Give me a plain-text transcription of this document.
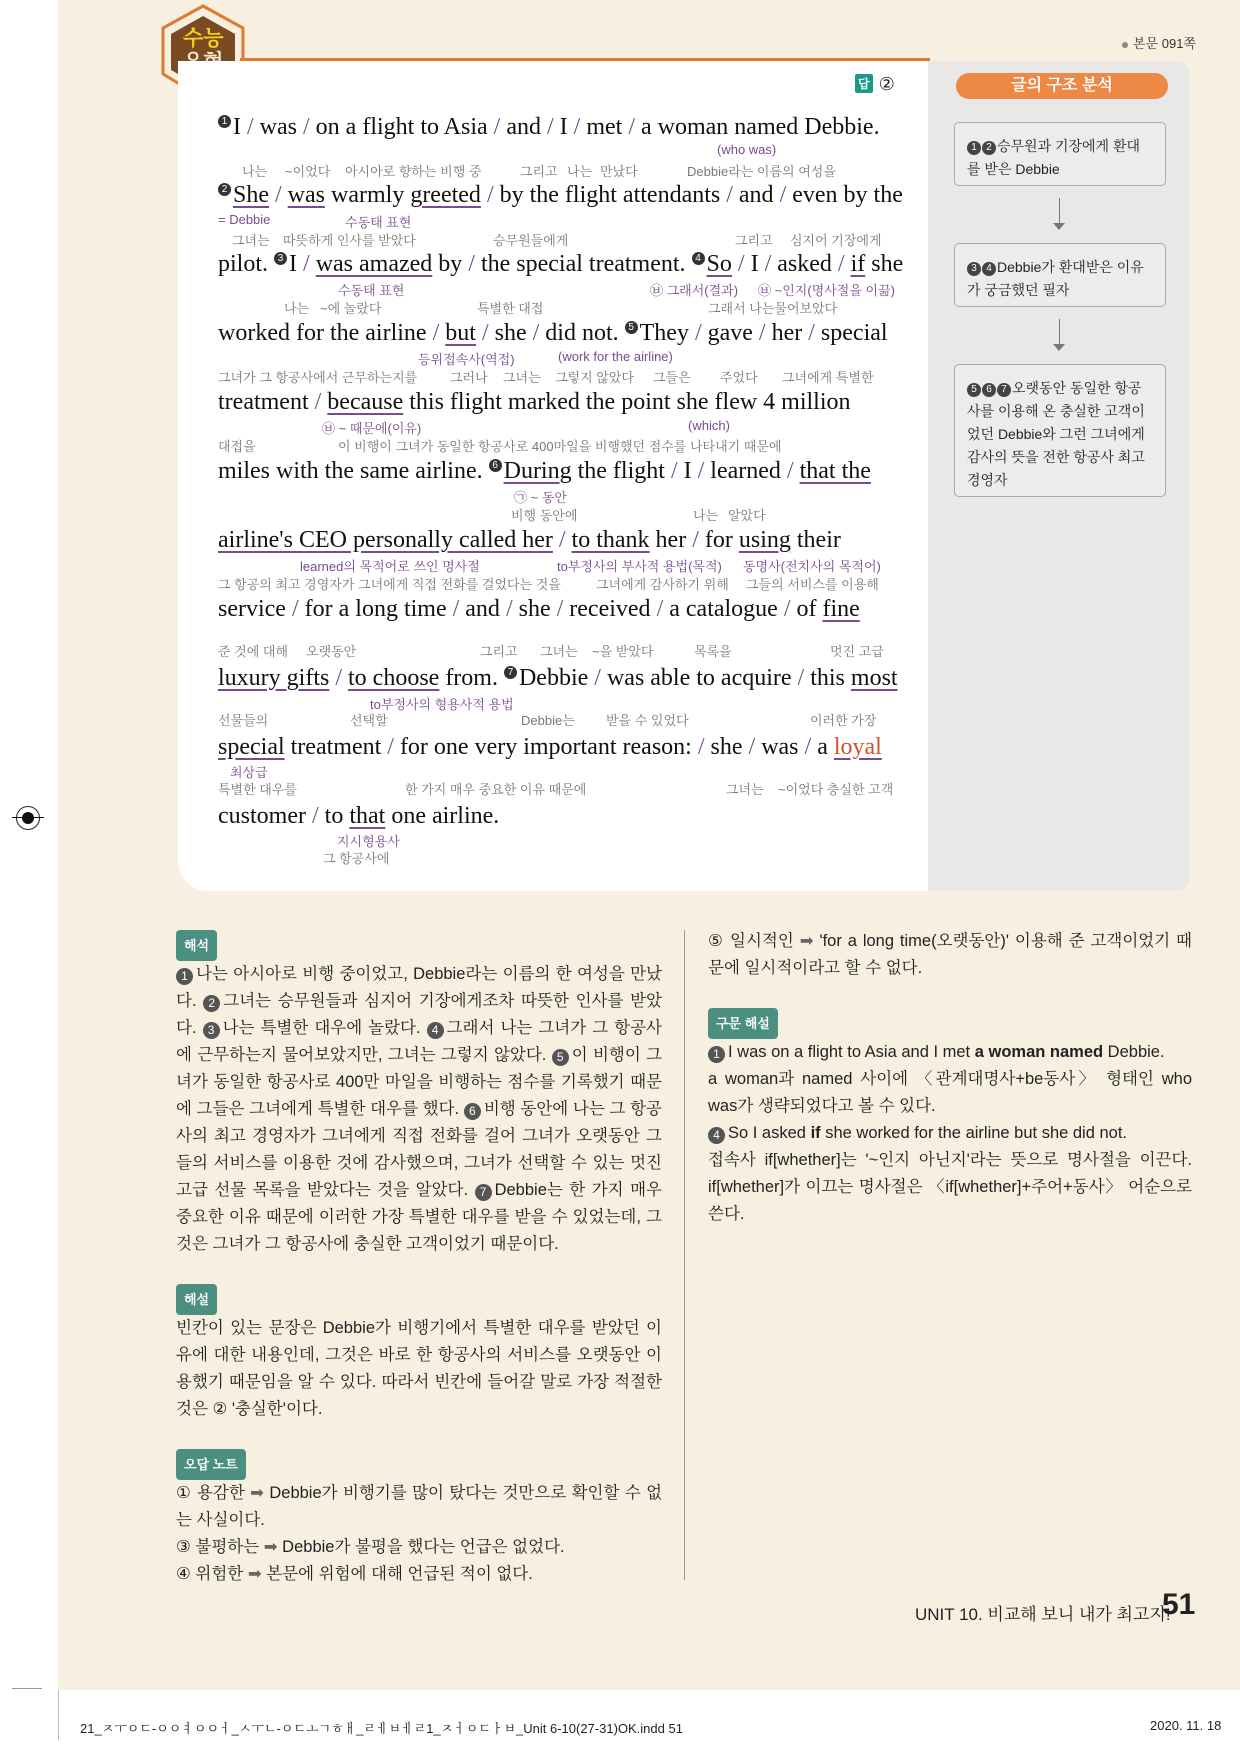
수능	본문 091쪽
답 ②
1 I / was / on a flight to Asia / and / I / met / a woman named Debbie.
(who was)
나는 ~이었다 아시아로 향하는 비행 중	그리고 나는 만났다	Debbie라는 이름의 여성을
2 She / was warmly greeted / by the flight attendants / and / even by the
= Debbie	수동태 표현
그녀는 따뜻하게 인사를 받았다	승무원들에게	그리고 심지어 기장에게
pilot. 3 I / was amazed by / the special treatment. 4 So / I / asked / if she
수동태 표현	㉥ 그래서(결과) ㉥ ~인지(명사절을 이끎)
나는 ~에 놀랐다	특별한 대접	그래서 나는물어보았다
worked for the airline / but / she / did not. 5 They / gave / her / special
등위접속사(역접)	(work for the airline)
그녀가 그 항공사에서 근무하는지를	그러나 그녀는 그렇지 않았다 그들은 주었다 그녀에게 특별한
treatment / because this flight marked the point she flew 4 million
㉥ ~ 때문에(이유)	(which)
대접을	이 비행이 그녀가 동일한 항공사로 400마일을 비행했던 점수를 나타내기 때문에
miles with the same airline. 6 During the flight / I / learned / that the
㉠ ~ 동안
비행 동안에	나는 알았다
airline's CEO personally called her / to thank her / for using their
learned의 목적어로 쓰인 명사절	to부정사의 부사적 용법(목적) 동명사(전치사의 목적어)
그 항공의 최고 경영자가 그녀에게 직접 전화를 걸었다는 것을	그녀에게 감사하기 위해 그들의 서비스를 이용해
service / for a long time / and / she / received / a catalogue / of fine
준 것에 대해 오랫동안	그리고 그녀는 ~을 받았다	목록을	멋진 고급
luxury gifts / to choose from. 7 Debbie / was able to acquire / this most
to부정사의 형용사적 용법
선물들의	선택할	Debbie는 받을 수 있었다	이러한 가장
special treatment / for one very important reason: / she / was / a loyal
최상급
특별한 대우를	한 가지 매우 중요한 이유 때문에	그녀는 ~이었다 충실한 고객
customer / to that one airline.
지시형용사
그 항공사에
글의 구조 분석
1 2 승무원과 기장에게 환대를 받은 Debbie
3 4 Debbie가 환대받은 이유가 궁금했던 필자
5 6 7 오랫동안 동일한 항공사를 이용해 온 충실한 고객이었던 Debbie와 그런 그녀에게 감사의 뜻을 전한 항공사 최고 경영자
해석

1 나는 아시아로 비행 중이었고, Debbie라는 이름의 한 여성을 만났다. 2 그녀는 승무원들과 심지어 기장에게조차 따뜻한 인사를 받았다. 3 나는 특별한 대우에 놀랐다. 4 그래서 나는 그녀가 그 항공사에 근무하는지 물어보았지만, 그녀는 그렇지 않았다. 5 이 비행이 그녀가 동일한 항공사로 400만 마일을 비행하는 점수를 기록했기 때문에 그들은 그녀에게 특별한 대우를 했다. 6 비행 동안에 나는 그 항공사의 최고 경영자가 그녀에게 직접 전화를 걸어 그녀가 오랫동안 그들의 서비스를 이용한 것에 감사했으며, 그녀가 선택할 수 있는 멋진 고급 선물 목록을 받았다는 것을 알았다. 7 Debbie는 한 가지 매우 중요한 이유 때문에 이러한 가장 특별한 대우를 받을 수 있었는데, 그것은 그녀가 그 항공사에 충실한 고객이었기 때문이다.

해설

빈칸이 있는 문장은 Debbie가 비행기에서 특별한 대우를 받았던 이유에 대한 내용인데, 그것은 바로 한 항공사의 서비스를 오랫동안 이용했기 때문임을 알 수 있다. 따라서 빈칸에 들어갈 말로 가장 적절한 것은 ② '충실한'이다.

오답 노트

① 용감한 ➡ Debbie가 비행기를 많이 탔다는 것만으로 확인할 수 없는 사실이다.

③ 불평하는 ➡ Debbie가 불평을 했다는 언급은 없었다.

④ 위험한 ➡ 본문에 위험에 대해 언급된 적이 없다.

⑤ 일시적인 ➡ 'for a long time(오랫동안)' 이용해 준 고객이었기 때문에 일시적이라고 할 수 없다.

구문 해설

1 I was on a flight to Asia and I met a woman named Debbie.

a woman과 named 사이에 〈관계대명사+be동사〉 형태인 who was가 생략되었다고 볼 수 있다.

4 So I asked if she worked for the airline but she did not.

접속사 if[whether]는 '~인지 아닌지'라는 뜻으로 명사절을 이끈다. if[whether]가 이끄는 명사절은 〈if[whether]+주어+동사〉 어순으로 쓴다.

UNIT 10. 비교해 보니 내가 최고지!
51
21_ㅈㅜㅇㄷ-ㅇㅇㅕㅇㅇㅓ_ㅅㅜㄴ-ㅇㄷㅗㄱㅎㅐ_ㄹㅔㅂㅔㄹ1_ㅈㅓㅇㄷㅏㅂ_Unit 6-10(27-31)OK.indd 51	2020. 11. 18
